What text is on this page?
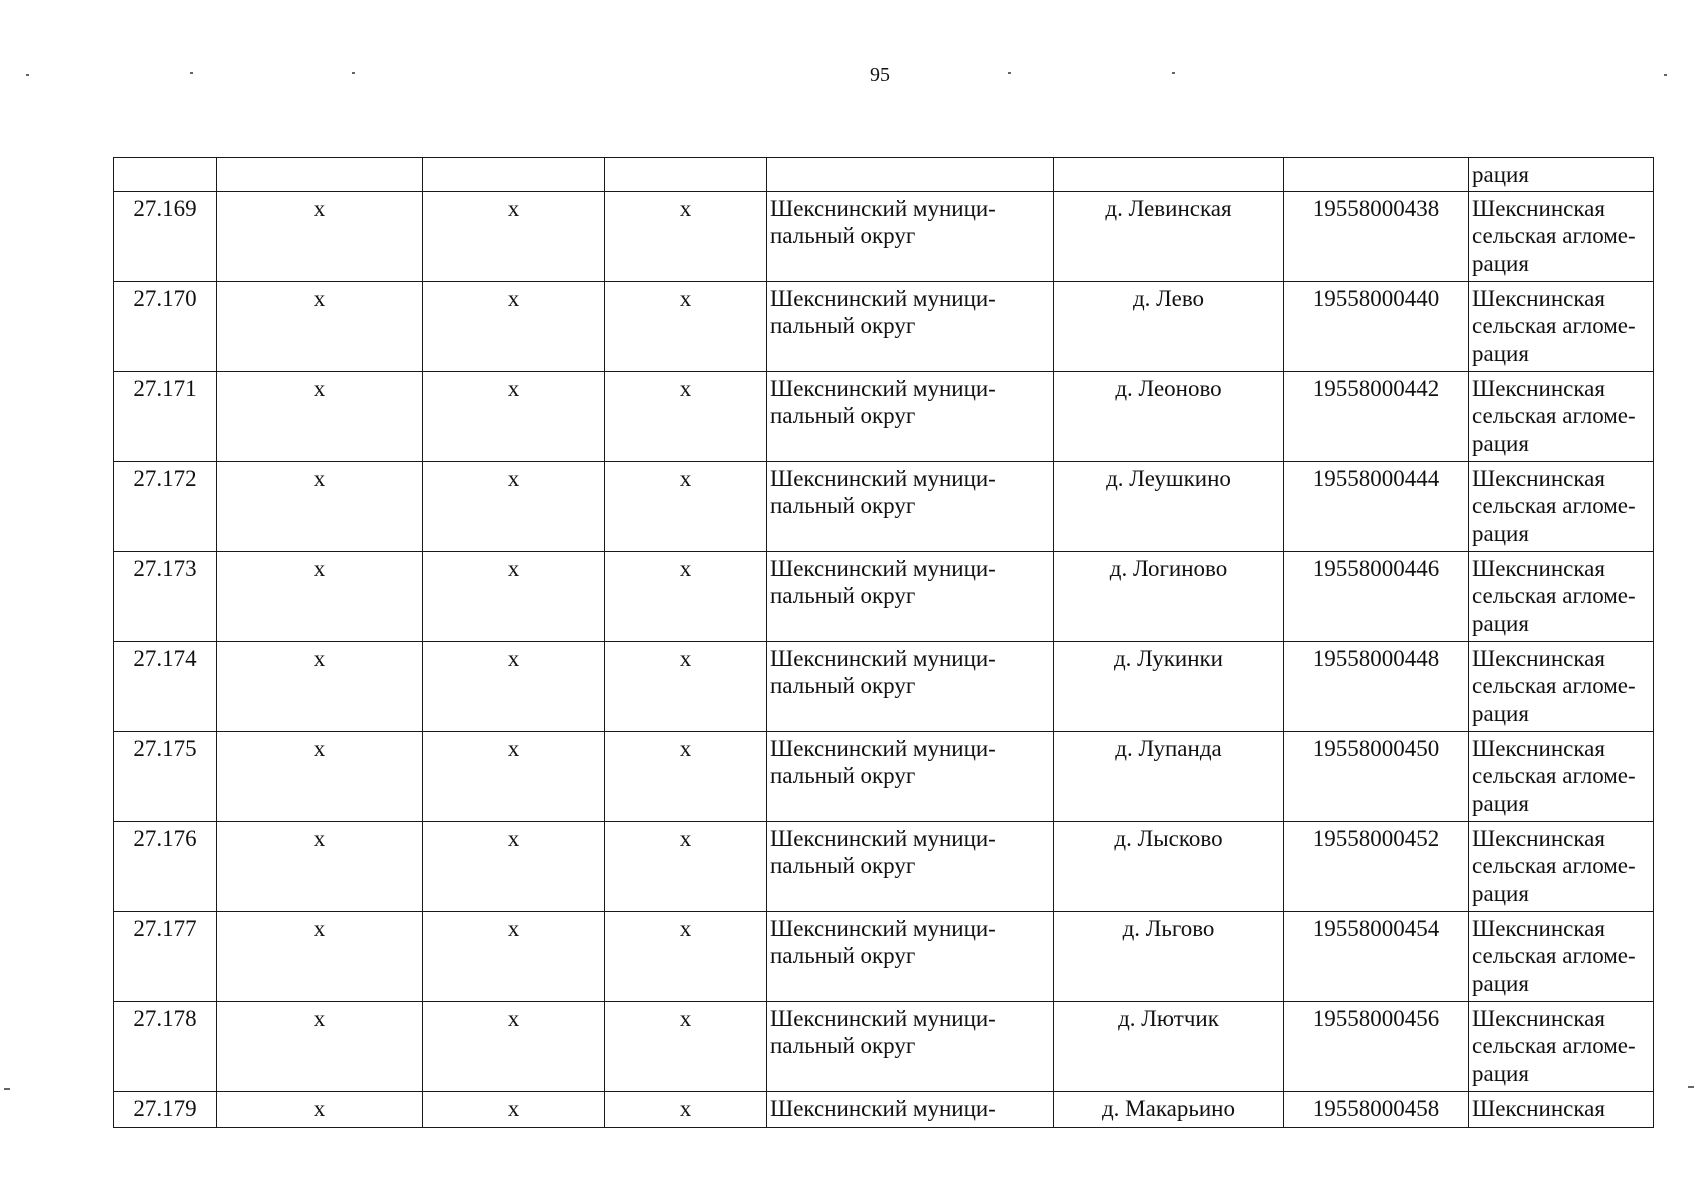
95
							рация
27.169	х	х	х	Шекснинский муници-пальный округ	д. Левинская	19558000438	Шекснинская сельская агломе-рация
27.170	х	х	х	Шекснинский муници-пальный округ	д. Лево	19558000440	Шекснинская сельская агломе-рация
27.171	х	х	х	Шекснинский муници-пальный округ	д. Леоново	19558000442	Шекснинская сельская агломе-рация
27.172	х	х	х	Шекснинский муници-пальный округ	д. Леушкино	19558000444	Шекснинская сельская агломе-рация
27.173	х	х	х	Шекснинский муници-пальный округ	д. Логиново	19558000446	Шекснинская сельская агломе-рация
27.174	х	х	х	Шекснинский муници-пальный округ	д. Лукинки	19558000448	Шекснинская сельская агломе-рация
27.175	х	х	х	Шекснинский муници-пальный округ	д. Лупанда	19558000450	Шекснинская сельская агломе-рация
27.176	х	х	х	Шекснинский муници-пальный округ	д. Лысково	19558000452	Шекснинская сельская агломе-рация
27.177	х	х	х	Шекснинский муници-пальный округ	д. Льгово	19558000454	Шекснинская сельская агломе-рация
27.178	х	х	х	Шекснинский муници-пальный округ	д. Лютчик	19558000456	Шекснинская сельская агломе-рация
27.179	х	х	х	Шекснинский муници-	д. Макарьино	19558000458	Шекснинская
